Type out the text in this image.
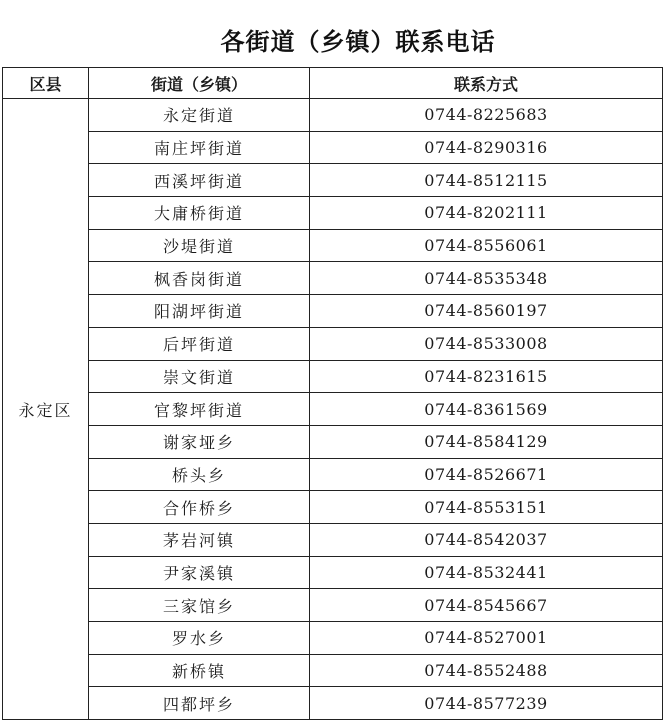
各街道（乡镇）联系电话
区县	街道（乡镇）	联系方式
永定区	永定街道	0744-8225683
	南庄坪街道	0744-8290316
	西溪坪街道	0744-8512115
	大庸桥街道	0744-8202111
	沙堤街道	0744-8556061
	枫香岗街道	0744-8535348
	阳湖坪街道	0744-8560197
	后坪街道	0744-8533008
	崇文街道	0744-8231615
	官黎坪街道	0744-8361569
	谢家垭乡	0744-8584129
	桥头乡	0744-8526671
	合作桥乡	0744-8553151
	茅岩河镇	0744-8542037
	尹家溪镇	0744-8532441
	三家馆乡	0744-8545667
	罗水乡	0744-8527001
	新桥镇	0744-8552488
	四都坪乡	0744-8577239
